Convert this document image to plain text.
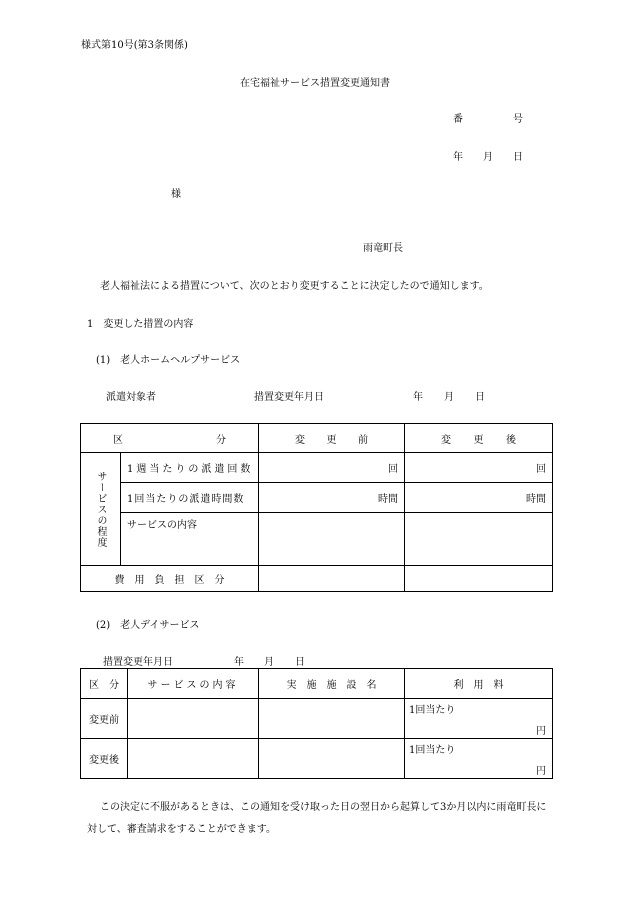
様式第10号(第3条関係)
在宅福祉サービス措置変更通知書
番	号
年 月 日
様
雨竜町長
老人福祉法による措置について、次のとおり変更することに決定したので通知します。
1　変更した措置の内容
(1)　老人ホームヘルプサービス
派遣対象者	措置変更年月日	年 月 日
区 分		変 更 前	変 更 後

サービスの程度	1週当たりの派遣回数	回	回
	1回当たりの派遣時間数	時間	時間
	サービスの内容		
費　用　負　担　区　分			
(2)　老人デイサービス
措置変更年月日	年 月 日
区　分	サービスの内容	実　施　施　設　名	利　用　料
変更前			1回当たり
円

変更後			1回当たり
円
この決定に不服があるときは、この通知を受け取った日の翌日から起算して3か月以内に雨竜町長に
対して、審査請求をすることができます。
